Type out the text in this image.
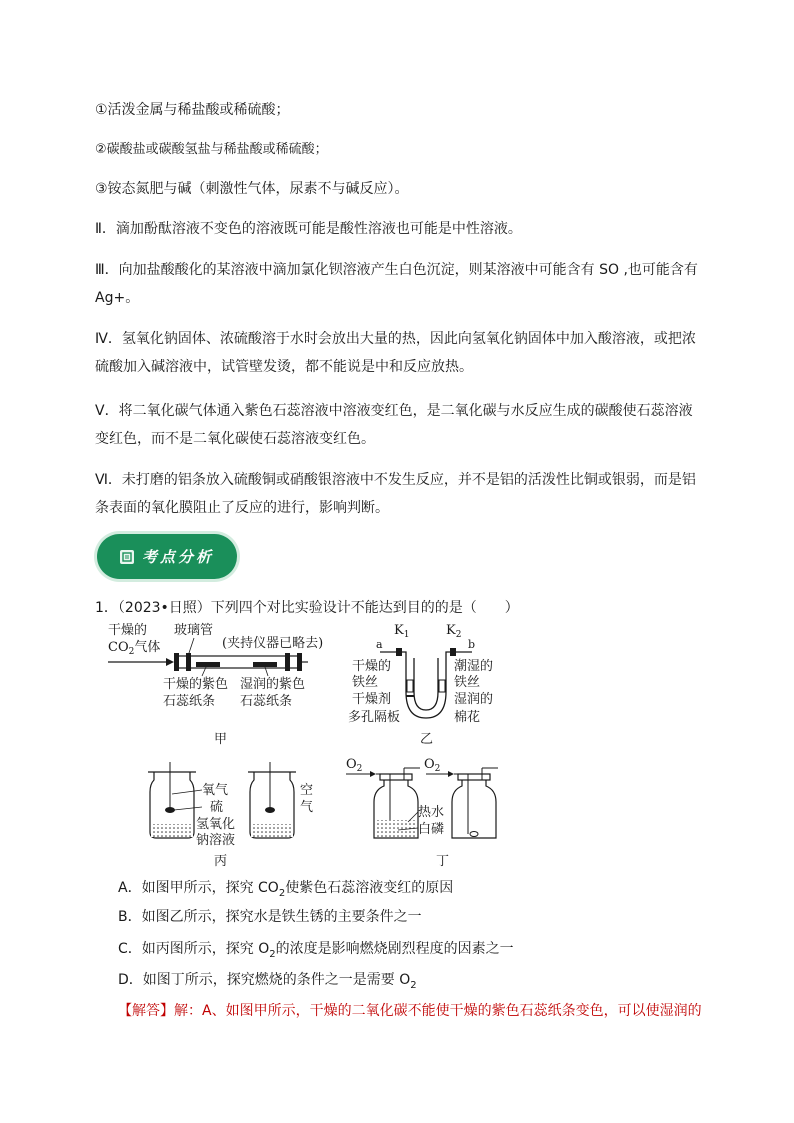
①活泼金属与稀盐酸或稀硫酸；

②碳酸盐或碳酸氢盐与稀盐酸或稀硫酸；

③铵态氮肥与碱（刺激性气体，尿素不与碱反应）。

Ⅱ．滴加酚酞溶液不变色的溶液既可能是酸性溶液也可能是中性溶液。

Ⅲ．向加盐酸酸化的某溶液中滴加氯化钡溶液产生白色沉淀，则某溶液中可能含有 SO ,也可能含有 Ag+。

Ⅳ．氢氧化钠固体、浓硫酸溶于水时会放出大量的热，因此向氢氧化钠固体中加入酸溶液，或把浓硫酸加入碱溶液中，试管壁发烫，都不能说是中和反应放热。

Ⅴ．将二氧化碳气体通入紫色石蕊溶液中溶液变红色，是二氧化碳与水反应生成的碳酸使石蕊溶液变红色，而不是二氧化碳使石蕊溶液变红色。

Ⅵ．未打磨的铝条放入硫酸铜或硝酸银溶液中不发生反应，并不是铝的活泼性比铜或银弱，而是铝条表面的氧化膜阻止了反应的进行，影响判断。

考点分析

1．（2023•日照）下列四个对比实验设计不能达到目的的是（　　）

干燥的
$CO_2$气体
玻璃管
(夹持仪器已略去)
干燥的紫色
石蕊纸条
湿润的紫色
石蕊纸条
甲
$K_1$	$K_2$
a	b
干燥的
铁丝
干燥剂
多孔隔板
潮湿的
铁丝
湿润的
棉花
乙
氧气
硫
氢氧化
钠溶液
空
气
丙
$O_2$	$O_2$
热水
白磷
丁

A．如图甲所示，探究 $CO_2$使紫色石蕊溶液变红的原因

B．如图乙所示，探究水是铁生锈的主要条件之一

C．如丙图所示，探究 $O_2$的浓度是影响燃烧剧烈程度的因素之一

D．如图丁所示，探究燃烧的条件之一是需要 $O_2$

【解答】解：A、如图甲所示，干燥的二氧化碳不能使干燥的紫色石蕊纸条变色，可以使湿润的
